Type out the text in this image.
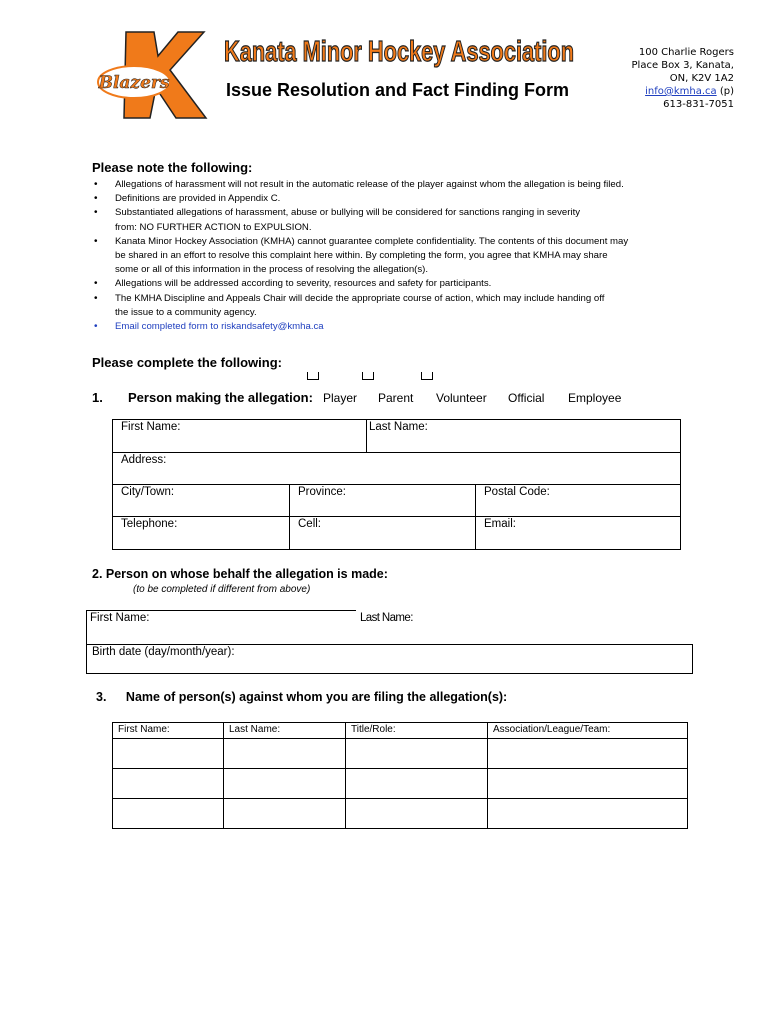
Blazers
Kanata Minor Hockey Association
Issue Resolution and Fact Finding Form
100 Charlie Rogers
Place Box 3, Kanata,
ON, K2V 1A2
info@kmha.ca (p)
613-831-7051
Please note the following:
• Allegations of harassment will not result in the automatic release of the player against whom the allegation is being filed.
• Definitions are provided in Appendix C.
• Substantiated allegations of harassment, abuse or bullying will be considered for sanctions ranging in severity
from: NO FURTHER ACTION to EXPULSION.
• Kanata Minor Hockey Association (KMHA) cannot guarantee complete confidentiality. The contents of this document may
be shared in an effort to resolve this complaint here within. By completing the form, you agree that KMHA may share
some or all of this information in the process of resolving the allegation(s).
• Allegations will be addressed according to severity, resources and safety for participants.
• The KMHA Discipline and Appeals Chair will decide the appropriate course of action, which may include handing off
the issue to a community agency.
• Email completed form to riskandsafety@kmha.ca
Please complete the following:
1. Person making the allegation: Player Parent Volunteer Official Employee
First Name:	Last Name:
Address:
City/Town:	Province:	Postal Code:
Telephone:	Cell:	Email:
2. Person on whose behalf the allegation is made:
(to be completed if different from above)
First Name:	Last Name:
Birth date (day/month/year):
3. Name of person(s) against whom you are filing the allegation(s):
First Name:	Last Name:	Title/Role:	Association/League/Team:
